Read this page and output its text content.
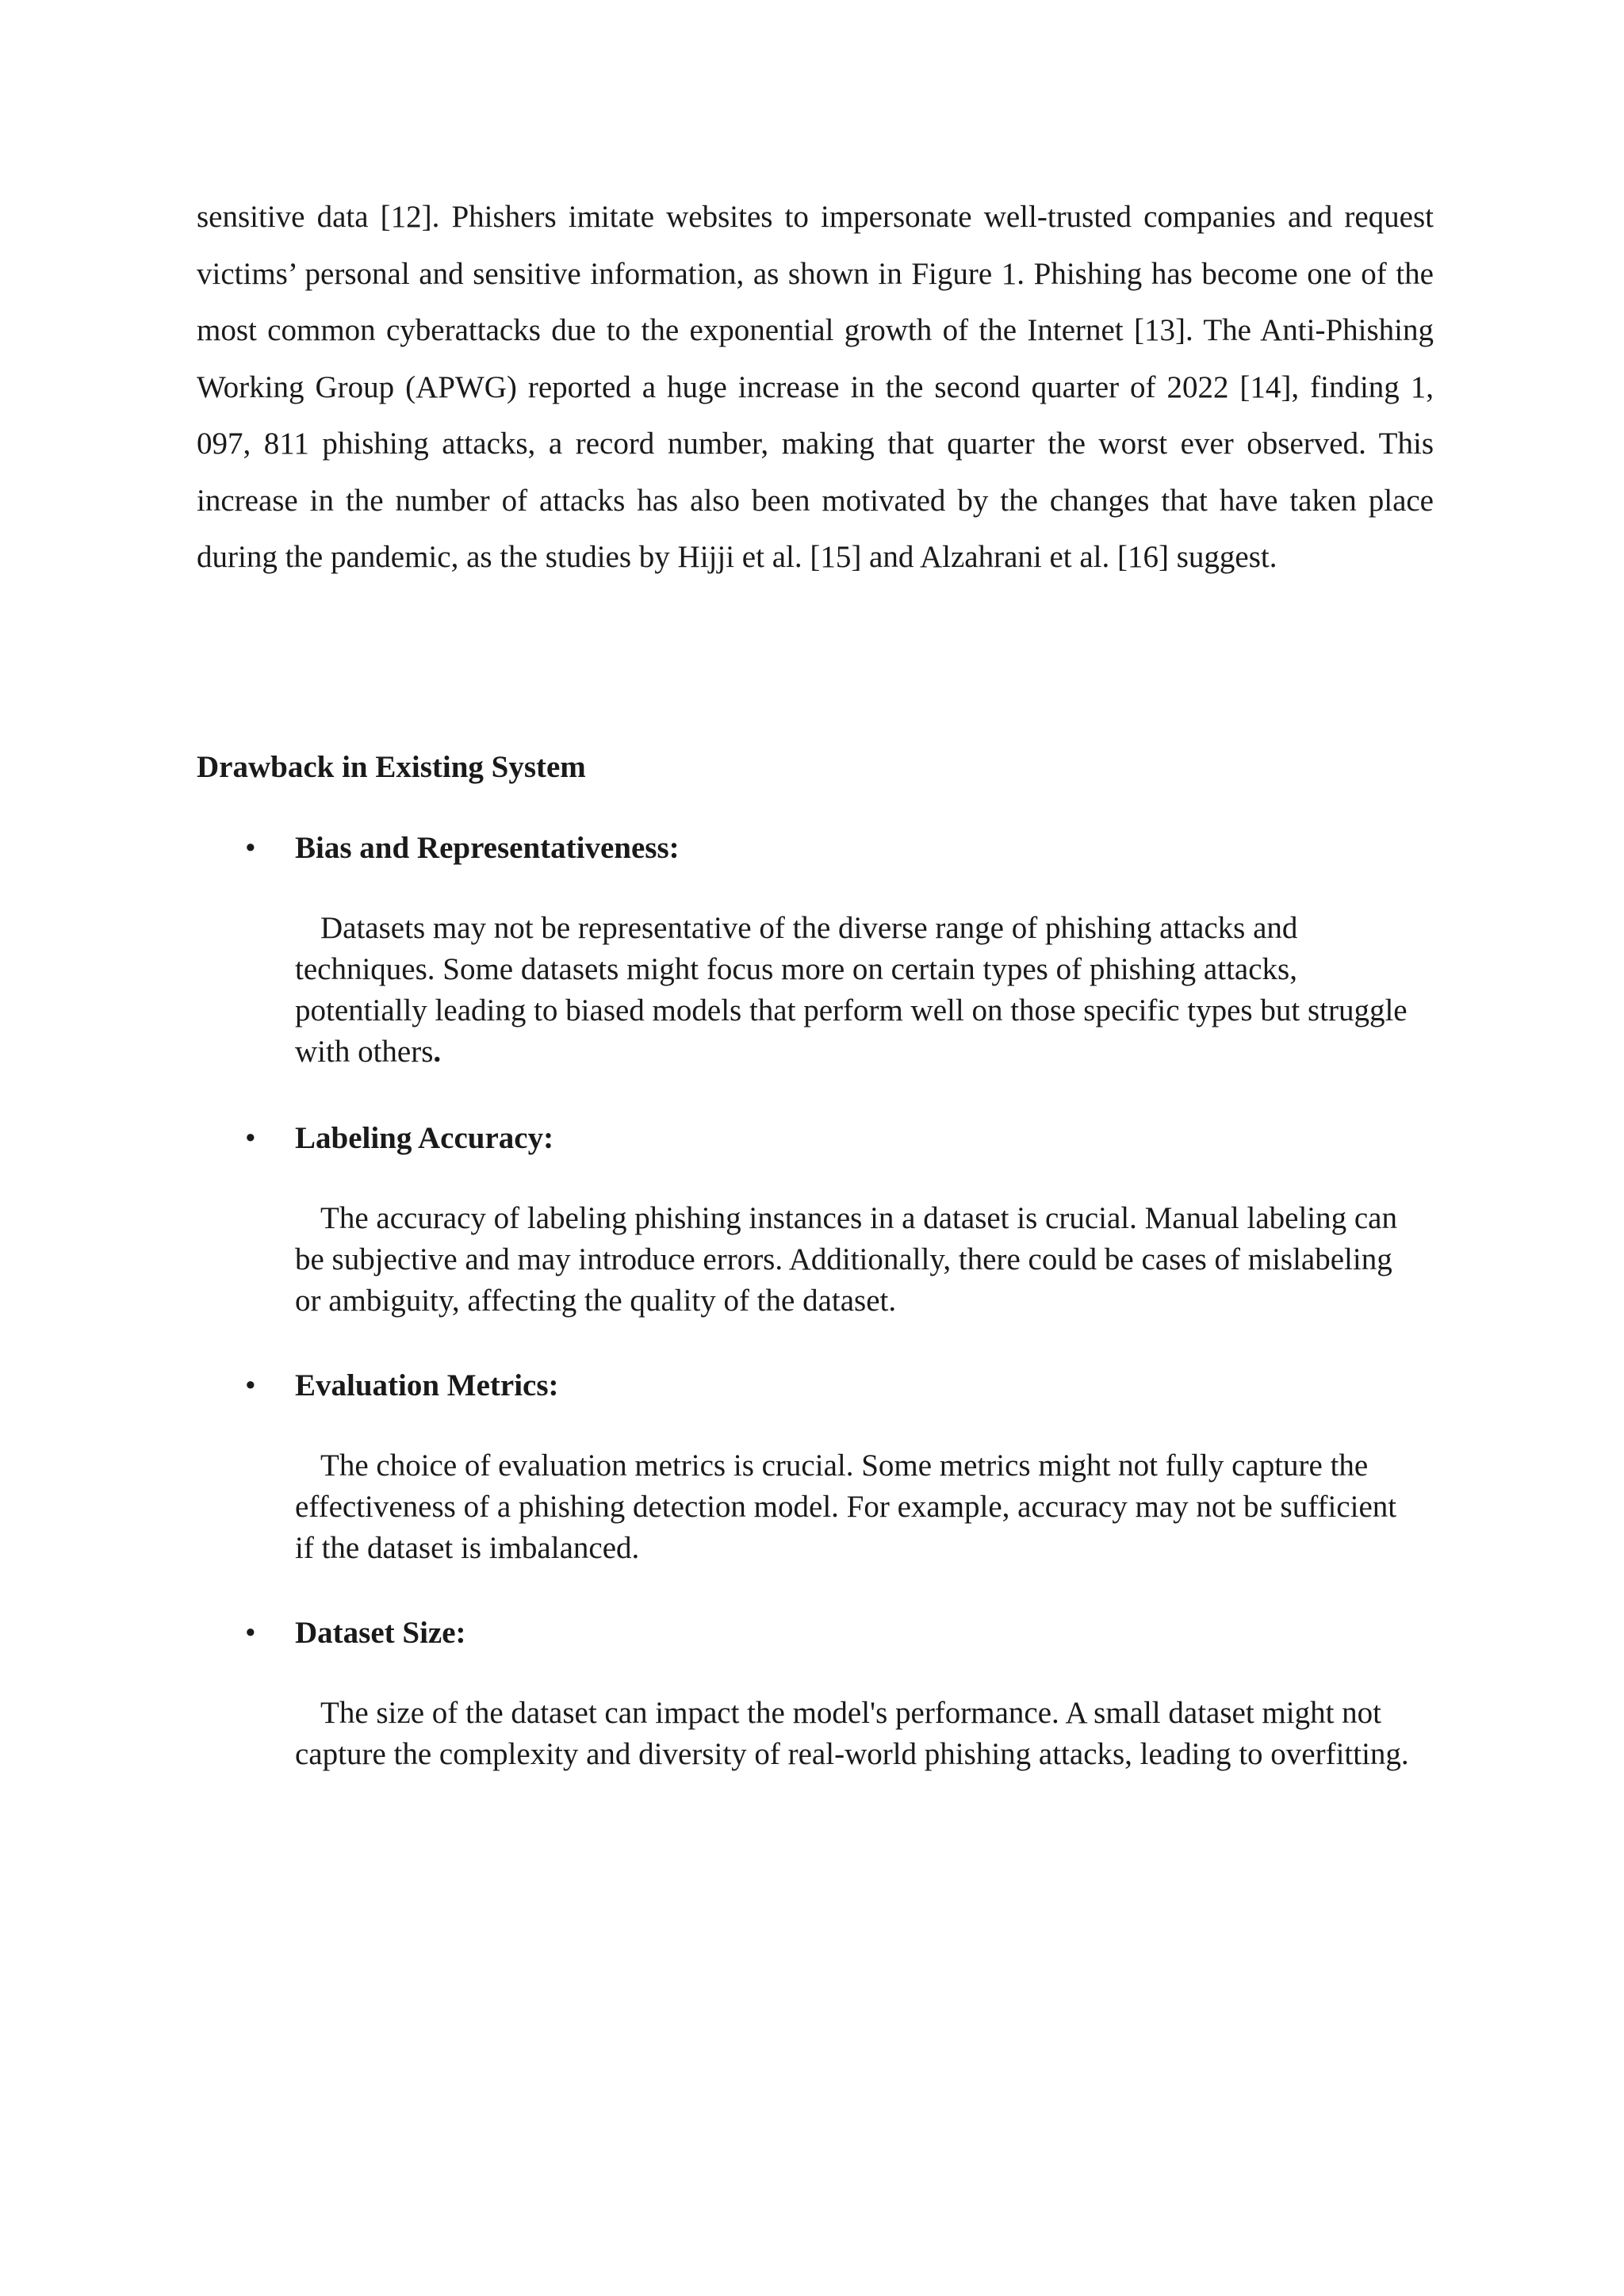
sensitive data [12]. Phishers imitate websites to impersonate well-trusted companies and request victims’ personal and sensitive information, as shown in Figure 1. Phishing has become one of the most common cyberattacks due to the exponential growth of the Internet [13]. The Anti-Phishing Working Group (APWG) reported a huge increase in the second quarter of 2022 [14], finding 1, 097, 811 phishing attacks, a record number, making that quarter the worst ever observed. This increase in the number of attacks has also been motivated by the changes that have taken place during the pandemic, as the studies by Hijji et al. [15] and Alzahrani et al. [16] suggest.

Drawback in Existing System
• Bias and Representativeness:

Datasets may not be representative of the diverse range of phishing attacks and techniques. Some datasets might focus more on certain types of phishing attacks, potentially leading to biased models that perform well on those specific types but struggle with others.

• Labeling Accuracy:

The accuracy of labeling phishing instances in a dataset is crucial. Manual labeling can be subjective and may introduce errors. Additionally, there could be cases of mislabeling or ambiguity, affecting the quality of the dataset.

• Evaluation Metrics:

The choice of evaluation metrics is crucial. Some metrics might not fully capture the effectiveness of a phishing detection model. For example, accuracy may not be sufficient if the dataset is imbalanced.

• Dataset Size:

The size of the dataset can impact the model's performance. A small dataset might not capture the complexity and diversity of real-world phishing attacks, leading to overfitting.
